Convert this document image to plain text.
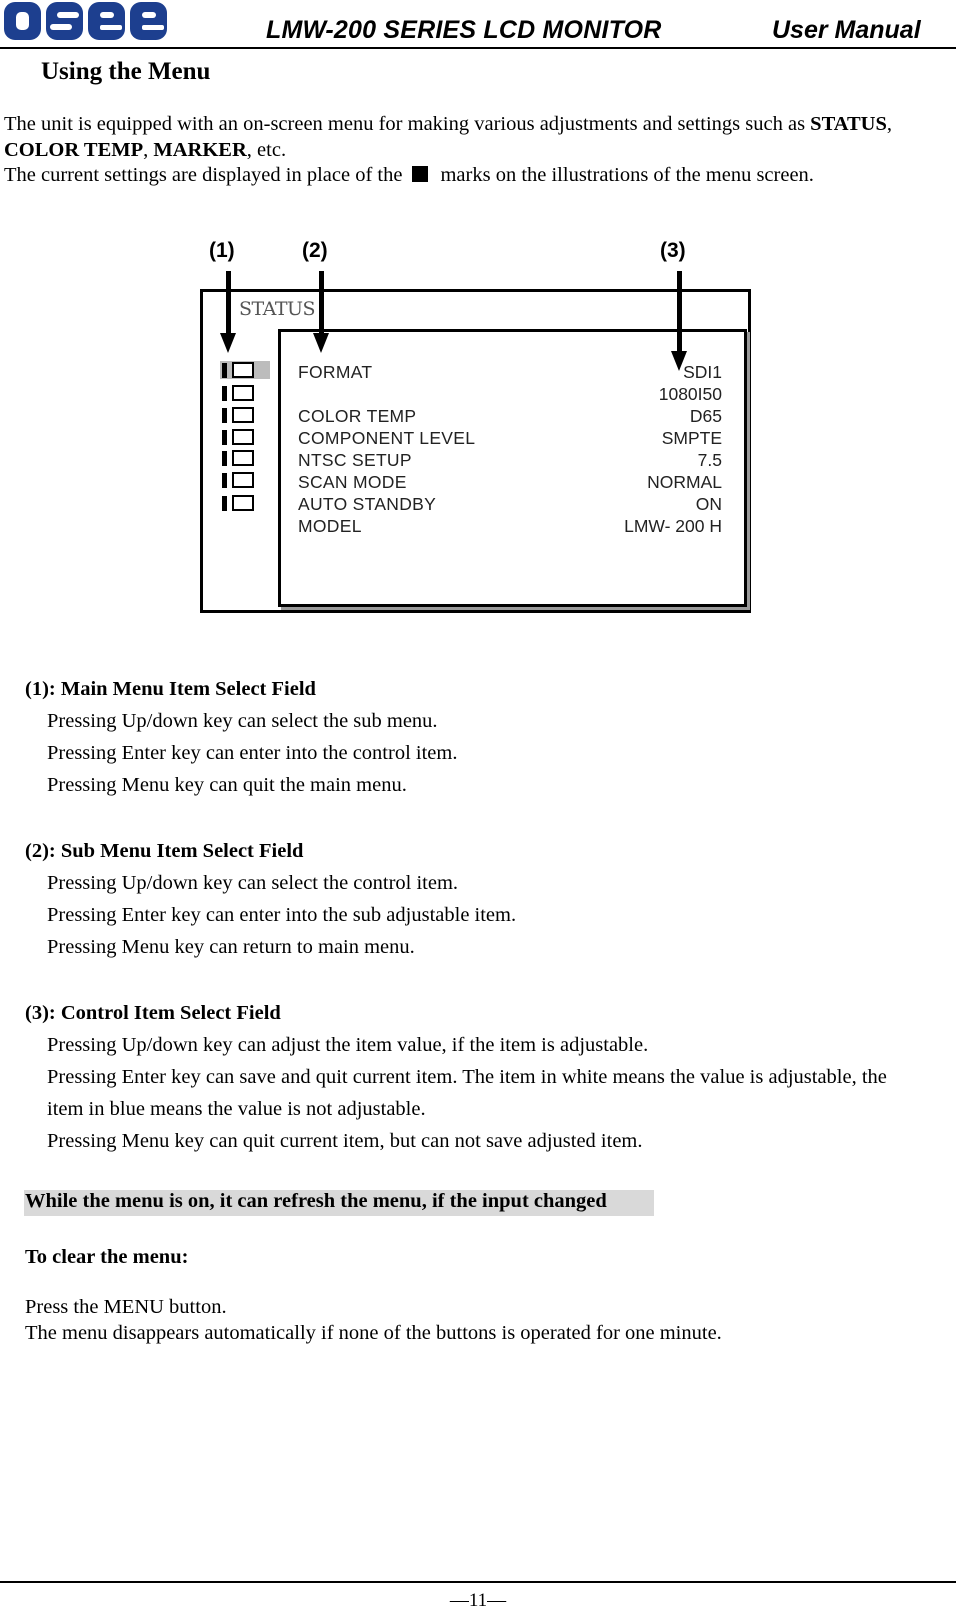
LMW-200 SERIES LCD MONITOR	User Manual
Using the Menu
The unit is equipped with an on-screen menu for making various adjustments and settings such as STATUS,
COLOR TEMP, MARKER, etc.
The current settings are displayed in place of the marks on the illustrations of the menu screen.
(1)	(2)	(3)
STATUS
FORMAT	SDI1
1080I50
COLOR TEMP	D65
COMPONENT LEVEL	SMPTE
NTSC SETUP	7.5
SCAN MODE	NORMAL
AUTO STANDBY	ON
MODEL	LMW- 200 H
(1): Main Menu Item Select Field
Pressing Up/down key can select the sub menu.
Pressing Enter key can enter into the control item.
Pressing Menu key can quit the main menu.
(2): Sub Menu Item Select Field
Pressing Up/down key can select the control item.
Pressing Enter key can enter into the sub adjustable item.
Pressing Menu key can return to main menu.
(3): Control Item Select Field
Pressing Up/down key can adjust the item value, if the item is adjustable.
Pressing Enter key can save and quit current item. The item in white means the value is adjustable, the
item in blue means the value is not adjustable.
Pressing Menu key can quit current item, but can not save adjusted item.
While the menu is on, it can refresh the menu, if the input changed
To clear the menu:
Press the MENU button.
The menu disappears automatically if none of the buttons is operated for one minute.
—11—
